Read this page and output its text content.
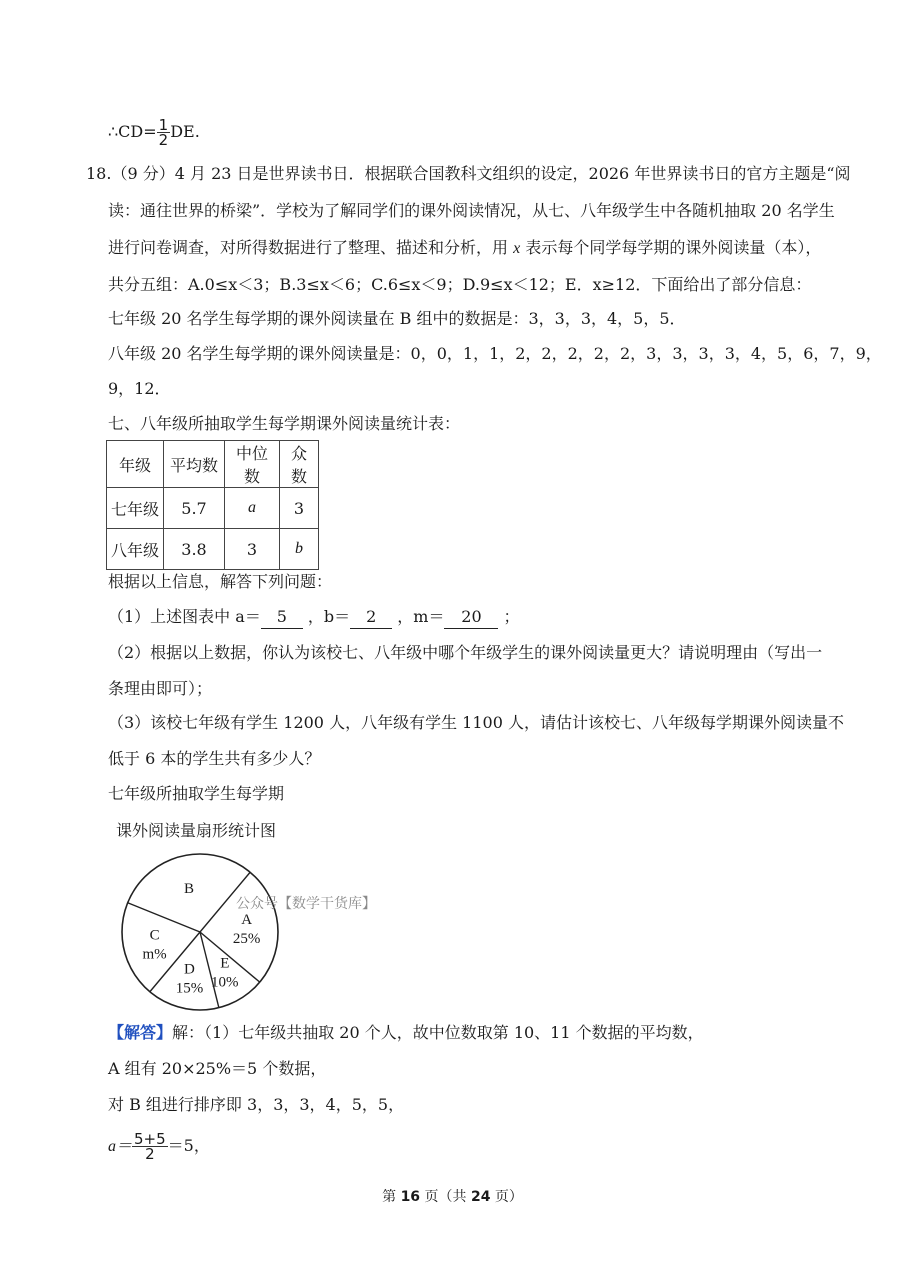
∴CD= $\frac{1}{2}$ DE.
18.（9 分）4 月 23 日是世界读书日．根据联合国教科文组织的设定，2026 年世界读书日的官方主题是“阅
读：通往世界的桥梁”．学校为了解同学们的课外阅读情况，从七、八年级学生中各随机抽取 20 名学生
进行问卷调查，对所得数据进行了整理、描述和分析，用 x 表示每个同学每学期的课外阅读量（本），
共分五组：A.0≤x＜3；B.3≤x＜6；C.6≤x＜9；D.9≤x＜12；E．x≥12．下面给出了部分信息：
七年级 20 名学生每学期的课外阅读量在 B 组中的数据是：3，3，3，4，5，5．
八年级 20 名学生每学期的课外阅读量是：0，0，1，1，2，2，2，2，2，3，3，3，3，4，5，6，7，9，
9，12．
七、八年级所抽取学生每学期课外阅读量统计表：
年级	平均数	中位数	众数
七年级	5.7	a	3
八年级	3.8	3	b
根据以上信息，解答下列问题：
（1）上述图表中 a＝ 5 ，b＝ 2 ，m＝ 20 ；
（2）根据以上数据，你认为该校七、八年级中哪个年级学生的课外阅读量更大？请说明理由（写出一
条理由即可）；
（3）该校七年级有学生 1200 人，八年级有学生 1100 人，请估计该校七、八年级每学期课外阅读量不
低于 6 本的学生共有多少人？
七年级所抽取学生每学期
课外阅读量扇形统计图
A
25%
E
10%
D
15%
C
m%
B
公众号【数学干货库】
【解答】解：（1）七年级共抽取 20 个人，故中位数取第 10、11 个数据的平均数，
A 组有 20×25%＝5 个数据，
对 B 组进行排序即 3，3，3，4，5，5，
$a= \frac{5+5}{2} =5$，
第 16 页（共 24 页）
